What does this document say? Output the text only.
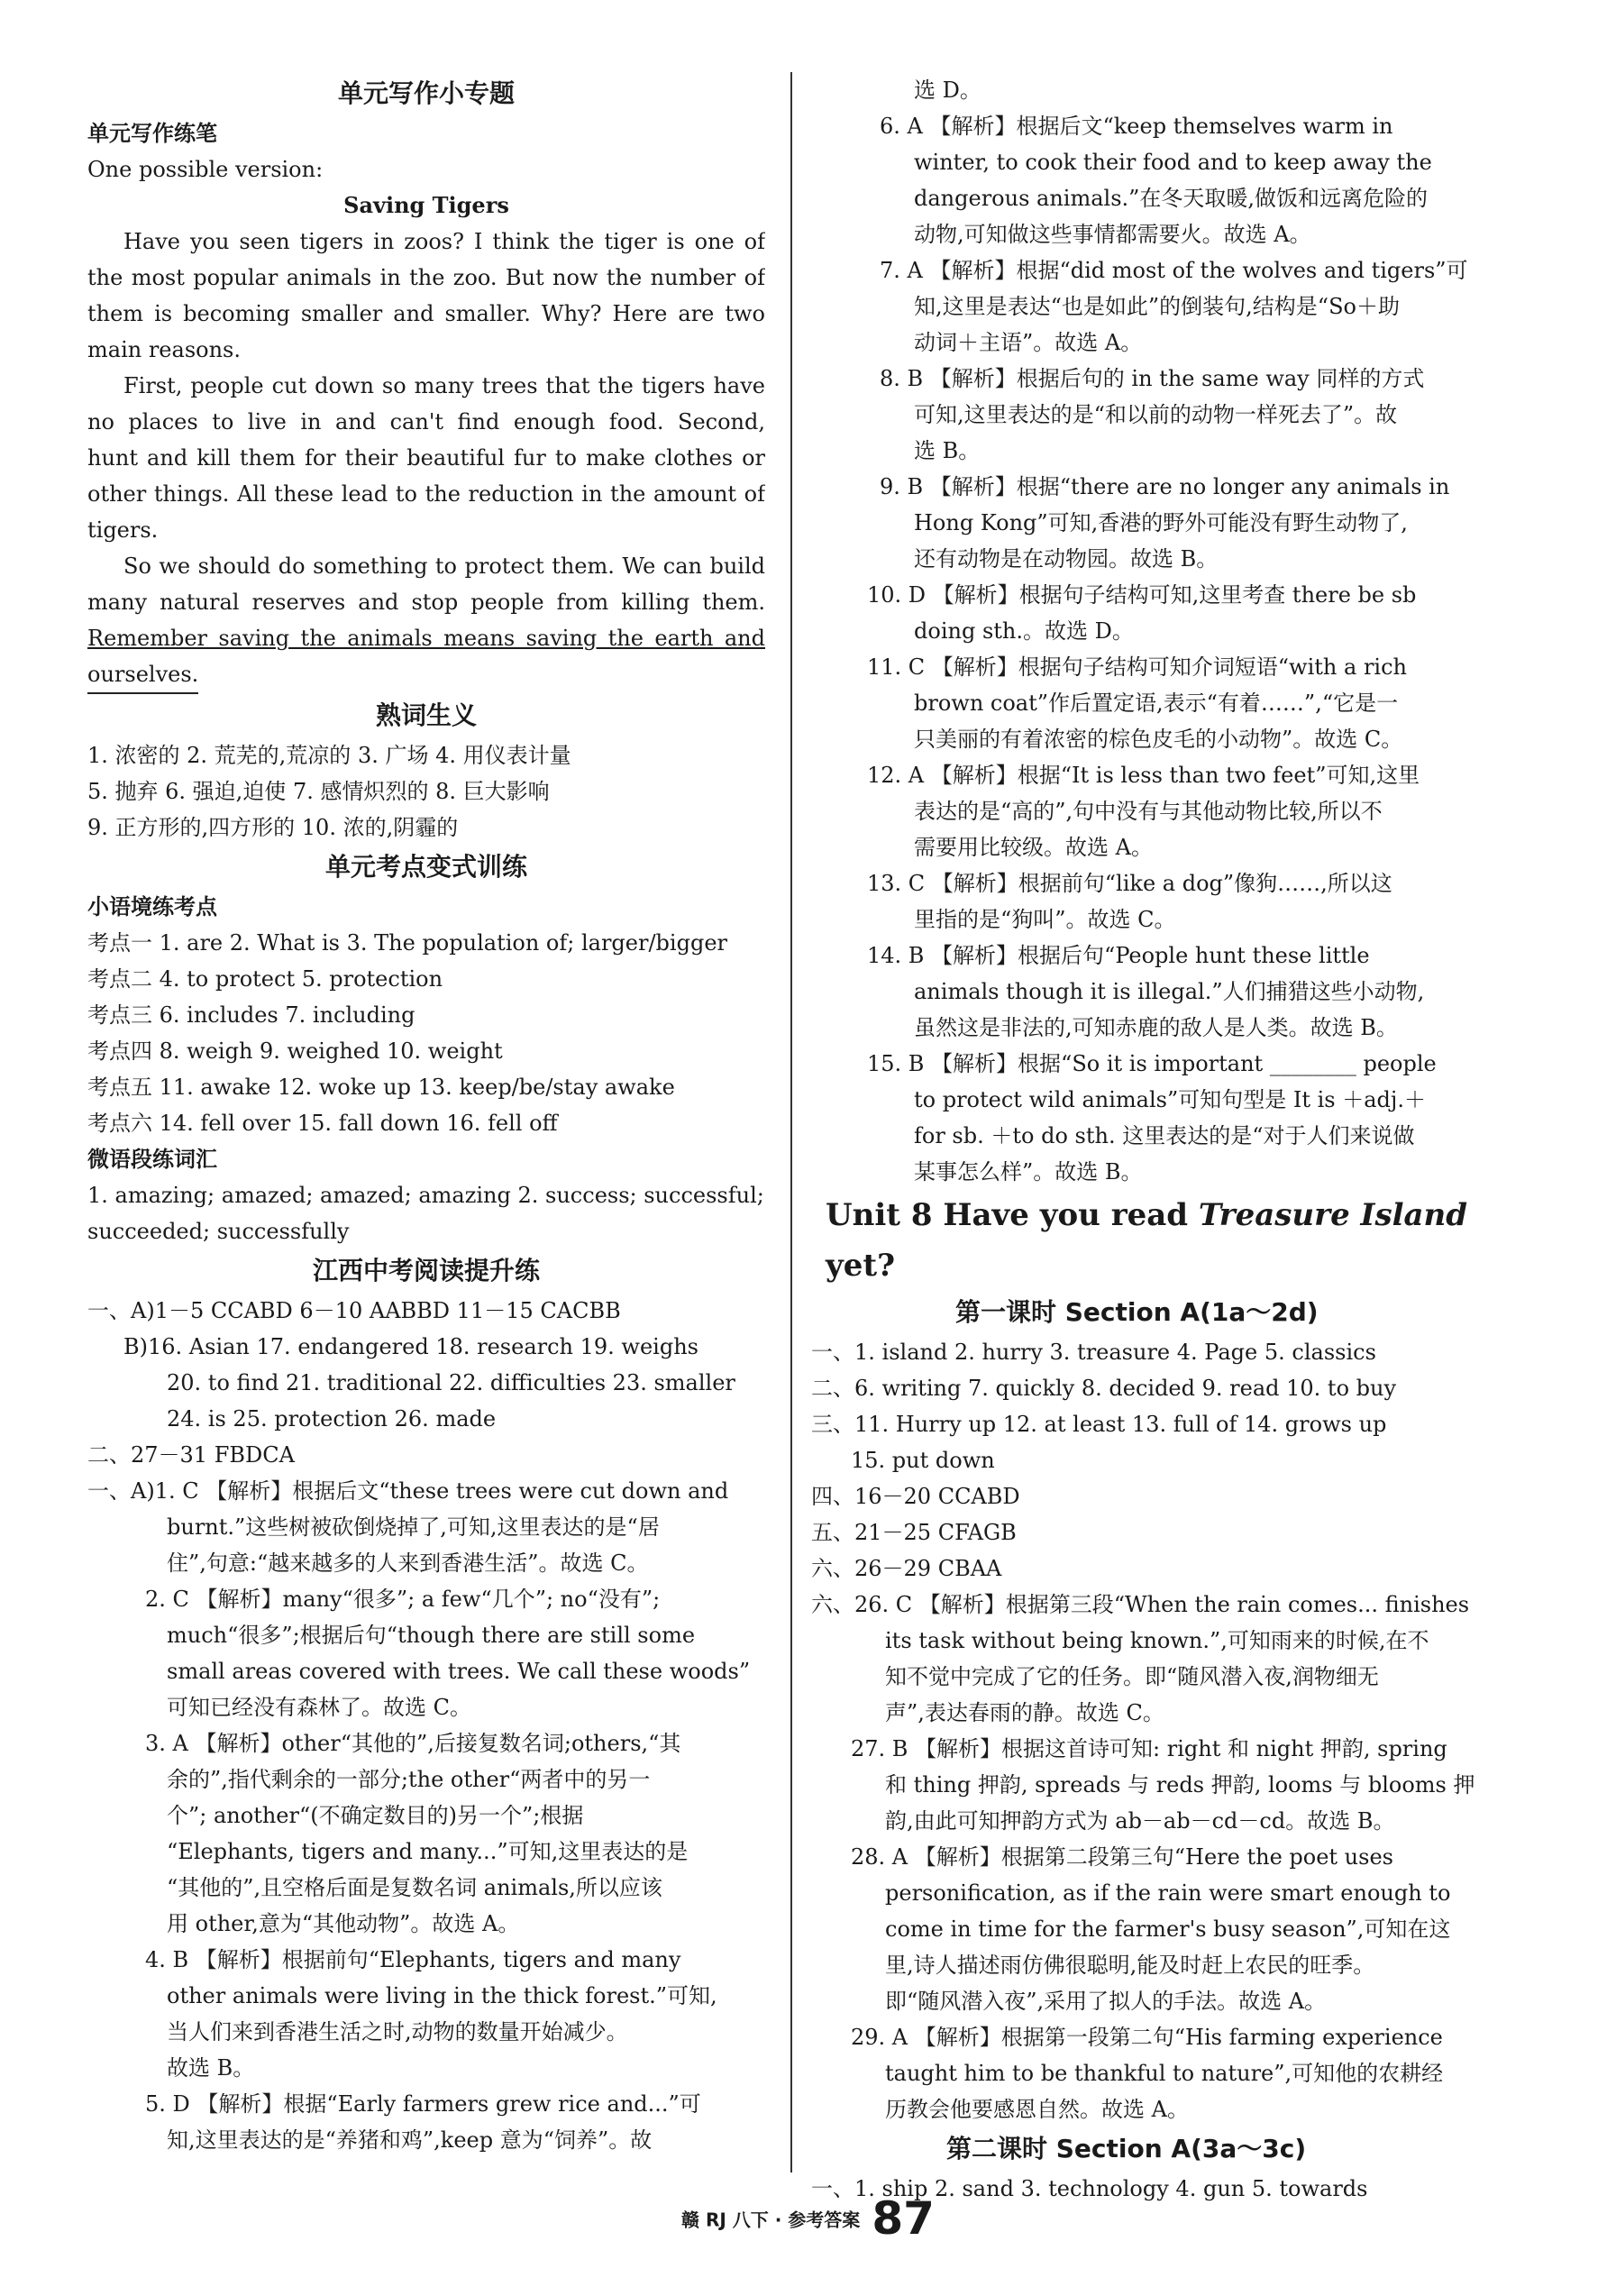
单元写作小专题
单元写作练笔
One possible version:
Saving Tigers
Have you seen tigers in zoos? I think the tiger is one of
the most popular animals in the zoo. But now the number of
them is becoming smaller and smaller. Why? Here are two
main reasons.
First, people cut down so many trees that the tigers have
no places to live in and can't find enough food. Second,
hunt and kill them for their beautiful fur to make clothes or
other things. All these lead to the reduction in the amount of
tigers.
So we should do something to protect them. We can build
many natural reserves and stop people from killing them.
Remember saving the animals means saving the earth and
ourselves.
熟词生义
1. 浓密的 2. 荒芜的,荒凉的 3. 广场 4. 用仪表计量
5. 抛弃 6. 强迫,迫使 7. 感情炽烈的 8. 巨大影响
9. 正方形的,四方形的 10. 浓的,阴霾的
单元考点变式训练
小语境练考点
考点一 1. are 2. What is 3. The population of; larger/bigger
考点二 4. to protect 5. protection
考点三 6. includes 7. including
考点四 8. weigh 9. weighed 10. weight
考点五 11. awake 12. woke up 13. keep/be/stay awake
考点六 14. fell over 15. fall down 16. fell off
微语段练词汇
1. amazing; amazed; amazed; amazing 2. success; successful;
succeeded; successfully
江西中考阅读提升练
一、A)1－5 CCABD 6－10 AABBD 11－15 CACBB
B)16. Asian 17. endangered 18. research 19. weighs
20. to find 21. traditional 22. difficulties 23. smaller
24. is 25. protection 26. made
二、27－31 FBDCA
一、A)1. C 【解析】根据后文“these trees were cut down and
burnt.”这些树被砍倒烧掉了,可知,这里表达的是“居
住”,句意:“越来越多的人来到香港生活”。故选 C。
2. C 【解析】many“很多”; a few“几个”; no“没有”;
much“很多”;根据后句“though there are still some
small areas covered with trees. We call these woods”
可知已经没有森林了。故选 C。
3. A 【解析】other“其他的”,后接复数名词;others,“其
余的”,指代剩余的一部分;the other“两者中的另一
个”; another“(不确定数目的)另一个”;根据
“Elephants, tigers and many...”可知,这里表达的是
“其他的”,且空格后面是复数名词 animals,所以应该
用 other,意为“其他动物”。故选 A。
4. B 【解析】根据前句“Elephants, tigers and many
other animals were living in the thick forest.”可知,
当人们来到香港生活之时,动物的数量开始减少。
故选 B。
5. D 【解析】根据“Early farmers grew rice and...”可
知,这里表达的是“养猪和鸡”,keep 意为“饲养”。故
选 D。
6. A 【解析】根据后文“keep themselves warm in
winter, to cook their food and to keep away the
dangerous animals.”在冬天取暖,做饭和远离危险的
动物,可知做这些事情都需要火。故选 A。
7. A 【解析】根据“did most of the wolves and tigers”可
知,这里是表达“也是如此”的倒装句,结构是“So＋助
动词＋主语”。故选 A。
8. B 【解析】根据后句的 in the same way 同样的方式
可知,这里表达的是“和以前的动物一样死去了”。故
选 B。
9. B 【解析】根据“there are no longer any animals in
Hong Kong”可知,香港的野外可能没有野生动物了,
还有动物是在动物园。故选 B。
10. D 【解析】根据句子结构可知,这里考查 there be sb
doing sth.。故选 D。
11. C 【解析】根据句子结构可知介词短语“with a rich
brown coat”作后置定语,表示“有着……”,“它是一
只美丽的有着浓密的棕色皮毛的小动物”。故选 C。
12. A 【解析】根据“It is less than two feet”可知,这里
表达的是“高的”,句中没有与其他动物比较,所以不
需要用比较级。故选 A。
13. C 【解析】根据前句“like a dog”像狗……,所以这
里指的是“狗叫”。故选 C。
14. B 【解析】根据后句“People hunt these little
animals though it is illegal.”人们捕猎这些小动物,
虽然这是非法的,可知赤鹿的敌人是人类。故选 B。
15. B 【解析】根据“So it is important ________ people
to protect wild animals”可知句型是 It is ＋adj.＋
for sb. ＋to do sth. 这里表达的是“对于人们来说做
某事怎么样”。故选 B。
Unit 8 Have you read Treasure Island yet?
第一课时 Section A(1a～2d)
一、1. island 2. hurry 3. treasure 4. Page 5. classics
二、6. writing 7. quickly 8. decided 9. read 10. to buy
三、11. Hurry up 12. at least 13. full of 14. grows up
15. put down
四、16－20 CCABD
五、21－25 CFAGB
六、26－29 CBAA
六、26. C 【解析】根据第三段“When the rain comes... finishes
its task without being known.”,可知雨来的时候,在不
知不觉中完成了它的任务。即“随风潜入夜,润物细无
声”,表达春雨的静。故选 C。
27. B 【解析】根据这首诗可知: right 和 night 押韵, spring
和 thing 押韵, spreads 与 reds 押韵, looms 与 blooms 押
韵,由此可知押韵方式为 ab－ab－cd－cd。故选 B。
28. A 【解析】根据第二段第三句“Here the poet uses
personification, as if the rain were smart enough to
come in time for the farmer's busy season”,可知在这
里,诗人描述雨仿佛很聪明,能及时赶上农民的旺季。
即“随风潜入夜”,采用了拟人的手法。故选 A。
29. A 【解析】根据第一段第二句“His farming experience
taught him to be thankful to nature”,可知他的农耕经
历教会他要感恩自然。故选 A。
第二课时 Section A(3a～3c)
一、1. ship 2. sand 3. technology 4. gun 5. towards
赣 RJ 八下 · 参考答案 87
